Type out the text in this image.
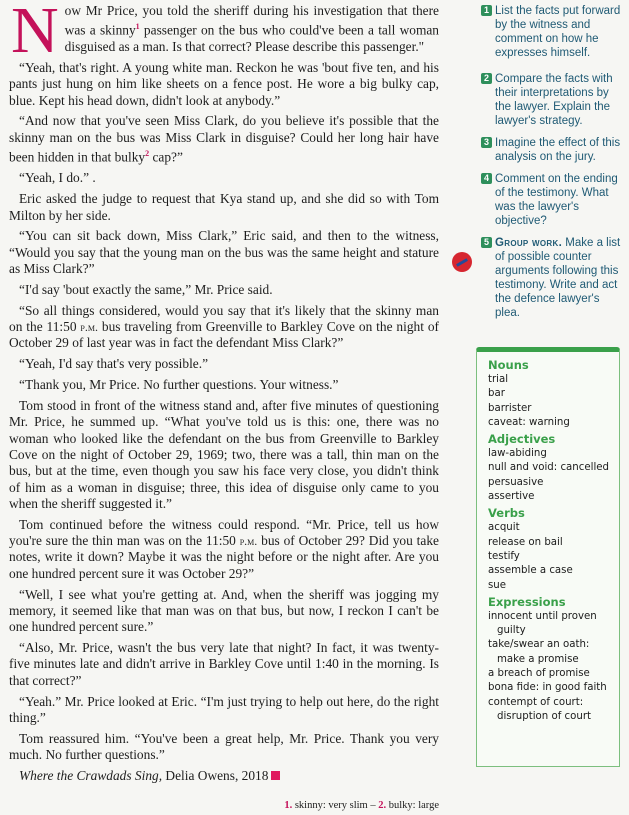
Now Mr Price, you told the sheriff during his investigation that there was a skinny$^1$ passenger on the bus who could've been a tall woman disguised as a man. Is that correct? Please describe this passenger."

“Yeah, that's right. A young white man. Reckon he was 'bout five ten, and his pants just hung on him like sheets on a fence post. He wore a big bulky cap, blue. Kept his head down, didn't look at anybody.”

“And now that you've seen Miss Clark, do you believe it's possible that the skinny man on the bus was Miss Clark in disguise? Could her long hair have been hidden in that bulky$^2$ cap?”

“Yeah, I do.” .

Eric asked the judge to request that Kya stand up, and she did so with Tom Milton by her side.

“You can sit back down, Miss Clark,” Eric said, and then to the witness, “Would you say that the young man on the bus was the same height and stature as Miss Clark?”

“I'd say 'bout exactly the same,” Mr. Price said.

“So all things considered, would you say that it's likely that the skinny man on the 11:50 p.m. bus traveling from Greenville to Barkley Cove on the night of October 29 of last year was in fact the defendant Miss Clark?”

“Yeah, I'd say that's very possible.”

“Thank you, Mr Price. No further questions. Your witness.”

Tom stood in front of the witness stand and, after five minutes of questioning Mr. Price, he summed up. “What you've told us is this: one, there was no woman who looked like the defendant on the bus from Greenville to Barkley Cove on the night of October 29, 1969; two, there was a tall, thin man on the bus, but at the time, even though you saw his face very close, you didn't think of him as a woman in disguise; three, this idea of disguise only came to you when the sheriff suggested it.”

Tom continued before the witness could respond. “Mr. Price, tell us how you're sure the thin man was on the 11:50 p.m. bus of October 29? Did you take notes, write it down? Maybe it was the night before or the night after. Are you one hundred percent sure it was October 29?”

“Well, I see what you're getting at. And, when the sheriff was jogging my memory, it seemed like that man was on that bus, but now, I reckon I can't be one hundred percent sure.”

“Also, Mr. Price, wasn't the bus very late that night? In fact, it was twenty-five minutes late and didn't arrive in Barkley Cove until 1:40 in the morning. Is that correct?”

“Yeah.” Mr. Price looked at Eric. “I'm just trying to help out here, do the right thing.”

Tom reassured him. “You've been a great help, Mr. Price. Thank you very much. No further questions.”

Where the Crawdads Sing, Delia Owens, 2018

1. skinny: very slim – 2. bulky: large
1 List the facts put forward by the witness and comment on how he expresses himself.
2 Compare the facts with their interpretations by the lawyer. Explain the lawyer's strategy.
3 Imagine the effect of this analysis on the jury.
4 Comment on the ending of the testimony. What was the lawyer's objective?
5 Group work. Make a list of possible counter arguments following this testimony. Write and act the defence lawyer's plea.
Nouns
trial
bar
barrister
caveat: warning
Adjectives
law-abiding
null and void: cancelled
persuasive
assertive
Verbs
acquit
release on bail
testify
assemble a case
sue
Expressions
innocent until proven guilty
take/swear an oath: make a promise
a breach of promise
bona fide: in good faith
contempt of court: disruption of court
